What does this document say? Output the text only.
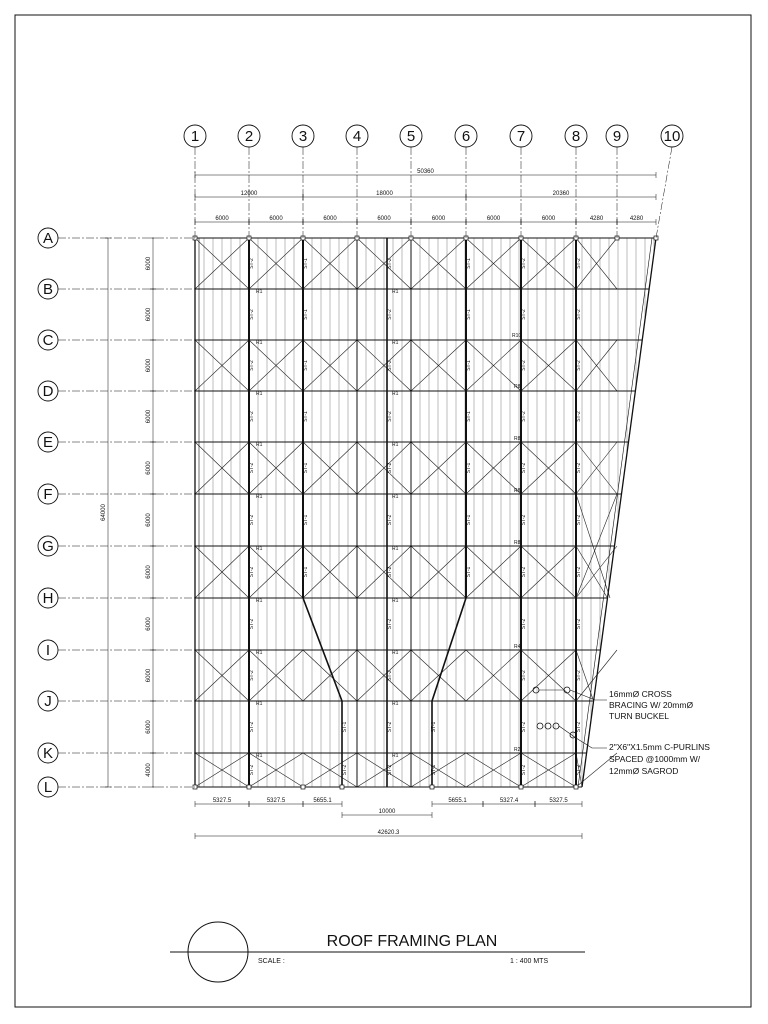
1	2	3	4	5	6	7	8 9	10
A
B
C
D
E
F
G
H
I
J
K
L
50360
12000	18000	20360
6000	6000	6000	6000	6000	6000	6000	4280	4280
64000
6000
6000
6000
6000
6000
6000
6000
6000
6000
6000
4000
5327.5	5327.5	5655.1
10000
5655.1	5327.4	5327.5
42620.3
ST-2	ST-1	ST-2	ST-1	ST-2	ST-2
ST-2	ST-1	ST-2	ST-1	ST-2	ST-2
ST-2	ST-1	ST-2	ST-1	ST-2	ST-2
ST-2	ST-1	ST-2	ST-1	ST-2	ST-2
ST-2	ST-1	ST-2	ST-1	ST-2	ST-2
ST-2	ST-1	ST-2	ST-1	ST-2	ST-2
ST-2	ST-1	ST-2	ST-1	ST-2	ST-2
ST-2	ST-2	ST-2	ST-2
ST-2	ST-2	ST-2	ST-2
ST-2	ST-2	ST-2	ST-2
ST-2	ST-2	ST-2	ST-2
ST-1	ST-1
ST-2	ST-1
R1	R1
R1	R1
R1	R1
R1	R1
R1	R1
R1	R1
R1	R1
R1	R1
R1	R1
R1	R1
R10
R8
R8
R8
R8
R4
R2
16mmØ CROSS
BRACING W/ 20mmØ
TURN BUCKEL
2"X6"X1.5mm C-PURLINS
SPACED @1000mm W/
12mmØ SAGROD
ROOF FRAMING PLAN
SCALE :	1 : 400 MTS
